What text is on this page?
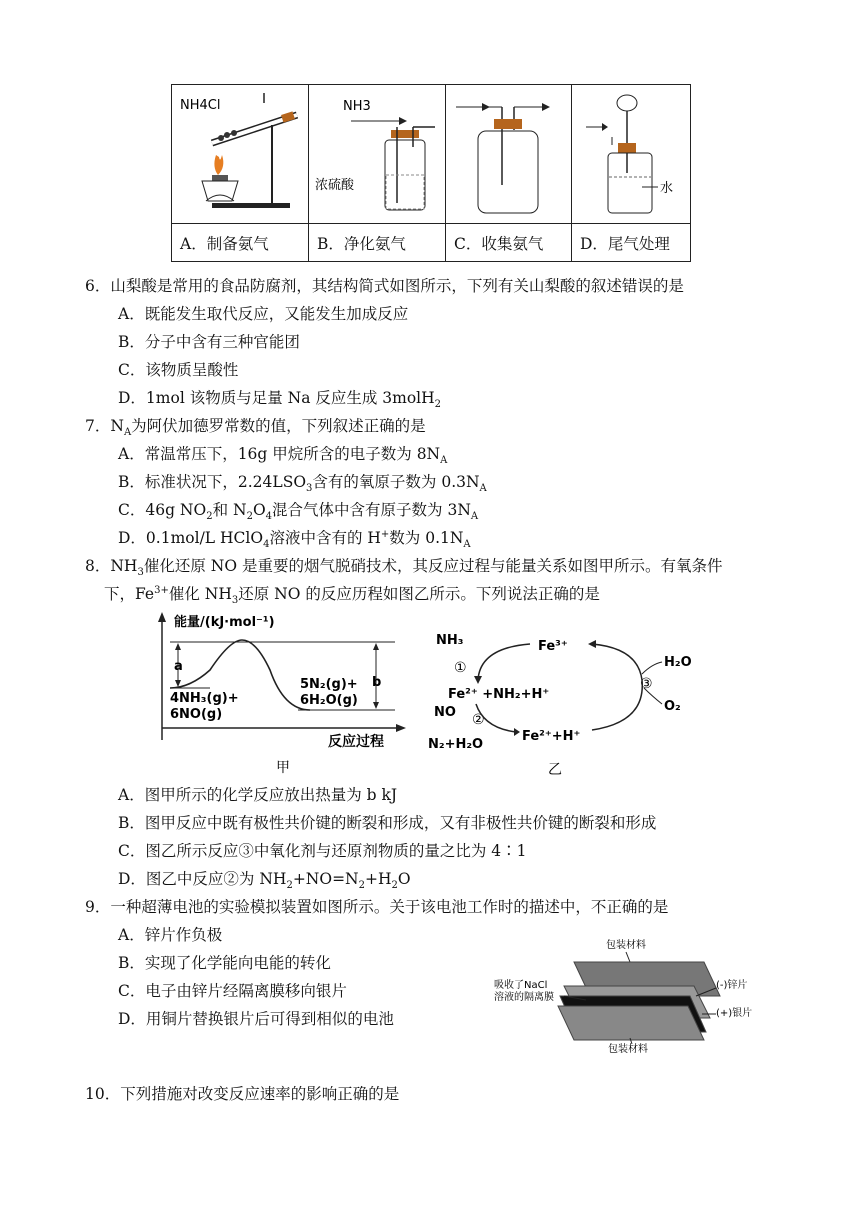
NH4Cl	NH3
浓硫酸		水

A．制备氨气	B．净化氨气	C．收集氨气	D．尾气处理
6．山梨酸是常用的食品防腐剂，其结构简式如图所示，下列有关山梨酸的叙述错误的是
A．既能发生取代反应，又能发生加成反应
B．分子中含有三种官能团
C．该物质呈酸性
D．1mol 该物质与足量 Na 反应生成 3molH$_2$
7．$N_A$为阿伏加德罗常数的值，下列叙述正确的是
A．常温常压下，16g 甲烷所含的电子数为 $8N_A$
B．标准状况下，$2.24LSO_3$含有的氧原子数为 $0.3N_A$
C．46g $NO_2$和 $N_2O_4$混合气体中含有原子数为 $3N_A$
D．0.1mol/L HClO$_4$溶液中含有的 H+数为 $0.1N_A$
8．$NH_3$催化还原 NO 是重要的烟气脱硝技术，其反应过程与能量关系如图甲所示。有氧条件
下，$Fe^{3+}$催化 $NH_3$还原 NO 的反应历程如图乙所示。下列说法正确的是
能量/(kJ·mol⁻¹)
a
b
4NH₃(g)+
6NO(g)
5N₂(g)+
6H₂O(g)
反应过程
甲
NH₃	Fe³⁺
H₂O
O₂
Fe²⁺ +NH₂+H⁺
NO
N₂+H₂O
Fe²⁺+H⁺
①
②
③
乙
A．图甲所示的化学反应放出热量为 b kJ
B．图甲反应中既有极性共价键的断裂和形成，又有非极性共价键的断裂和形成
C．图乙所示反应③中氧化剂与还原剂物质的量之比为 4∶1
D．图乙中反应②为 $NH_2+NO=N_2+H_2O$
9．一种超薄电池的实验模拟装置如图所示。关于该电池工作时的描述中，不正确的是
A．锌片作负极
B．实现了化学能向电能的转化
C．电子由锌片经隔离膜移向银片
D．用铜片替换银片后可得到相似的电池
包装材料
吸收了NaCl
溶液的隔离膜
(-)锌片
(+)银片
包装材料
10．下列措施对改变反应速率的影响正确的是
